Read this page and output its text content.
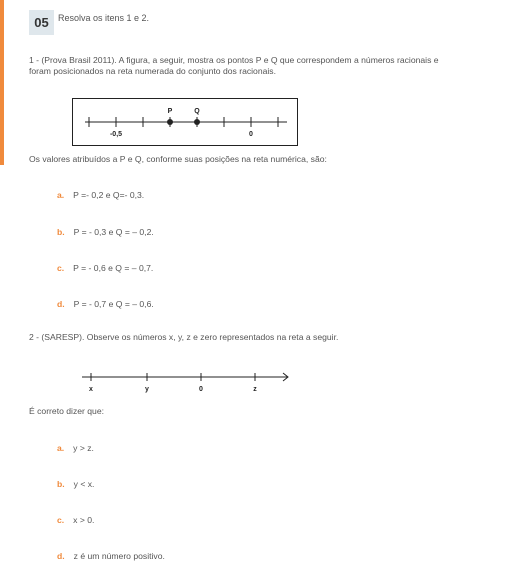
05	Resolva os itens 1 e 2.
1 - (Prova Brasil 2011). A figura, a seguir, mostra os pontos P e Q que correspondem a números racionais e
foram posicionados na reta numerada do conjunto dos racionais.
P	Q
-0,5	0
Os valores atribuídos a P e Q, conforme suas posições na reta numérica, são:
a. P =- 0,2 e Q=- 0,3.
b. P = - 0,3 e Q = – 0,2.
c. P = - 0,6 e Q = – 0,7.
d. P = - 0,7 e Q = – 0,6.
2 - (SARESP). Observe os números x, y, z e zero representados na reta a seguir.
x	y	0	z
É correto dizer que:
a. y > z.
b. y < x.
c. x > 0.
d. z é um número positivo.
